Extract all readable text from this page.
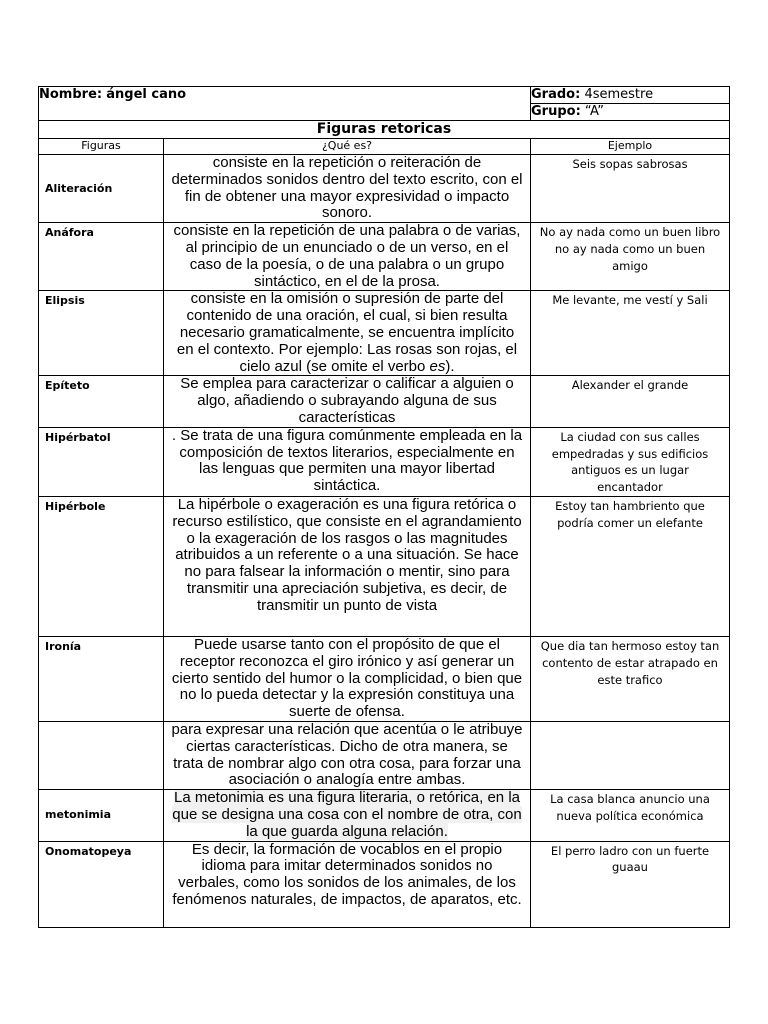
Nombre: ángel cano		Grado: 4semestre
		Grupo: “A”
Figuras retoricas		
Figuras	¿Qué es?	Ejemplo
Aliteración	consiste en la repetición o reiteración de determinados sonidos dentro del texto escrito, con el fin de obtener una mayor expresividad o impacto sonoro.	Seis sopas sabrosas
Anáfora	consiste en la repetición de una palabra o de varias, al principio de un enunciado o de un verso, en el caso de la poesía, o de una palabra o un grupo sintáctico, en el de la prosa.	No ay nada como un buen libro no ay nada como un buen amigo
Elipsis	consiste en la omisión o supresión de parte del contenido de una oración, el cual, si bien resulta necesario gramaticalmente, se encuentra implícito en el contexto. Por ejemplo: Las rosas son rojas, el cielo azul (se omite el verbo es).	Me levante, me vestí y Sali
Epíteto	Se emplea para caracterizar o calificar a alguien o algo, añadiendo o subrayando alguna de sus características	Alexander el grande
Hipérbatol	. Se trata de una figura comúnmente empleada en la composición de textos literarios, especialmente en las lenguas que permiten una mayor libertad sintáctica.	La ciudad con sus calles empedradas y sus edificios antiguos es un lugar encantador
Hipérbole	La hipérbole o exageración es una figura retórica o recurso estilístico, que consiste en el agrandamiento o la exageración de los rasgos o las magnitudes atribuidos a un referente o a una situación. Se hace no para falsear la información o mentir, sino para transmitir una apreciación subjetiva, es decir, de transmitir un punto de vista	Estoy tan hambriento que podría comer un elefante
Ironía	Puede usarse tanto con el propósito de que el receptor reconozca el giro irónico y así generar un cierto sentido del humor o la complicidad, o bien que no lo pueda detectar y la expresión constituya una suerte de ofensa.	Que dia tan hermoso estoy tan contento de estar atrapado en este trafico
	para expresar una relación que acentúa o le atribuye ciertas características. Dicho de otra manera, se trata de nombrar algo con otra cosa, para forzar una asociación o analogía entre ambas.	
metonimia	La metonimia es una figura literaria, o retórica, en la que se designa una cosa con el nombre de otra, con la que guarda alguna relación.	La casa blanca anuncio una nueva política económica
Onomatopeya	Es decir, la formación de vocablos en el propio idioma para imitar determinados sonidos no verbales, como los sonidos de los animales, de los fenómenos naturales, de impactos, de aparatos, etc.	El perro ladro con un fuerte guaau
